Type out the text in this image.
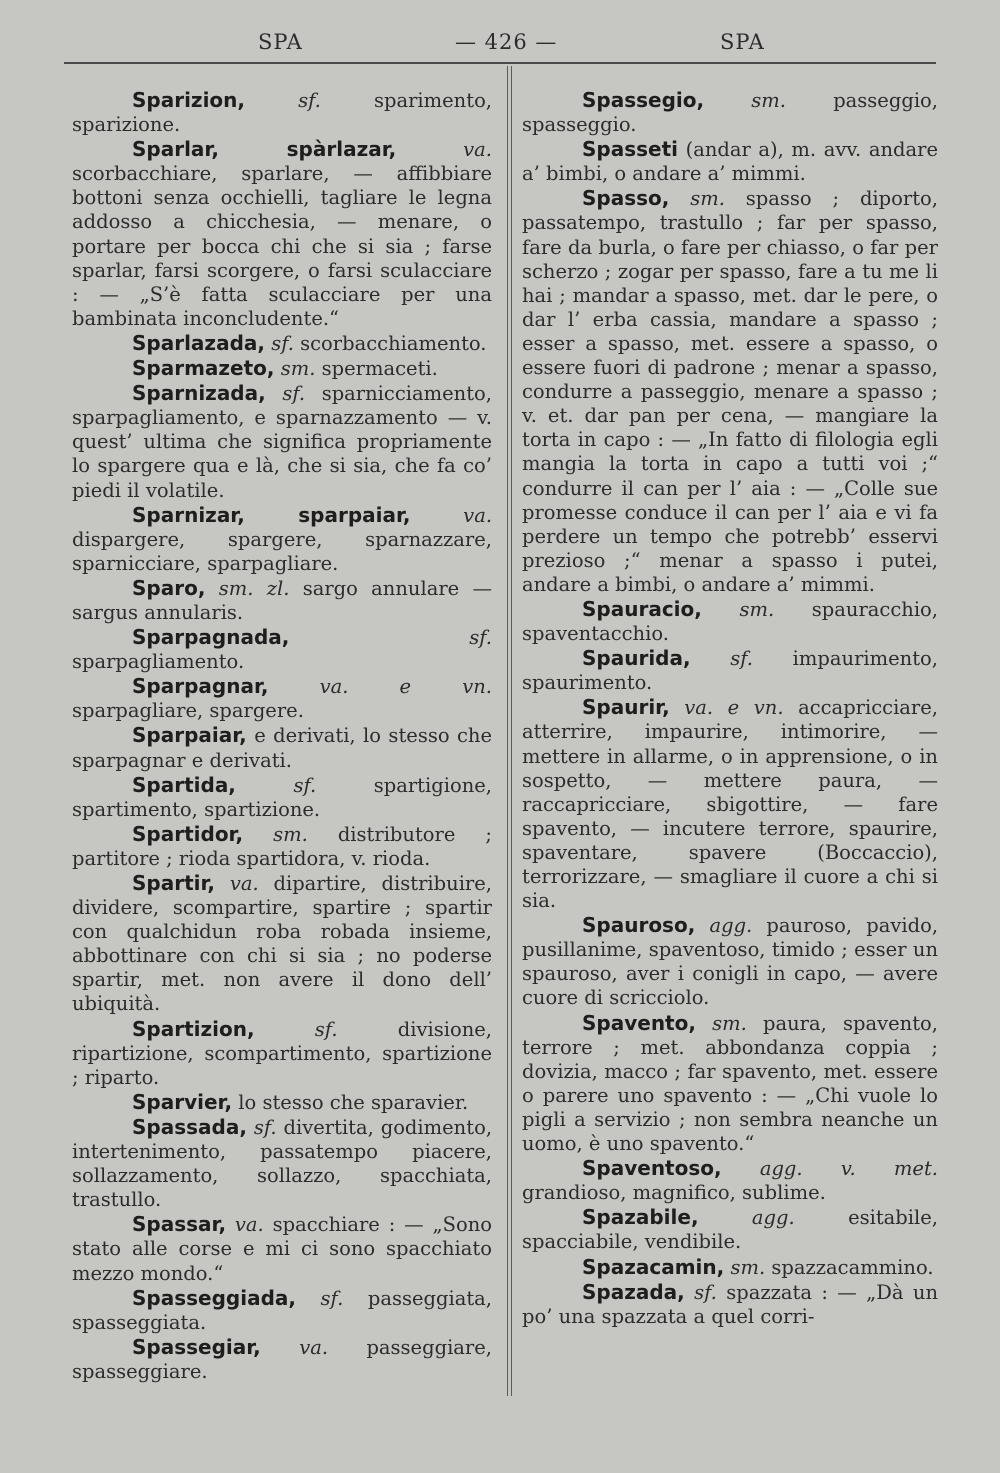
SPA	— 426 —	SPA

Sparizion,	sf.	sparimento, sparizione.

Sparlar, spàrlazar,	va. scorbacchiare, sparlare, — affibbiare bottoni senza occhielli, tagliare le legna addosso a chicchesia, — menare, o portare per bocca chi che si sia ; farse sparlar, farsi scorgere, o farsi sculacciare : — „S’è fatta sculacciare per una bambinata inconcludente.“

Sparlazada, sf. scorbacchiamento.

Sparmazeto, sm. spermaceti.

Sparnizada, sf. sparnicciamento, sparpagliamento, e sparnazzamento — v. quest’ ultima che significa propriamente lo spargere qua e là, che si sia, che fa co’ piedi il volatile.

Sparnizar, sparpaiar,	va. dispargere, spargere, sparnazzare, sparnicciare, sparpagliare.

Sparo, sm. zl. sargo annulare — sargus annularis.

Sparpagnada,	sf. sparpagliamento.

Sparpagnar,	va. e vn. sparpagliare, spargere.

Sparpaiar, e derivati, lo stesso che sparpagnar e derivati.

Spartida,	sf.	spartigione, spartimento, spartizione.

Spartidor, sm. distributore ; partitore ; rioda spartidora, v. rioda.

Spartir, va. dipartire, distribuire, dividere, scompartire, spartire ; spartir con qualchidun roba robada insieme, abbottinare con chi si sia ; no poderse spartir, met. non avere il dono dell’ ubiquità.

Spartizion,	sf.	divisione, ripartizione, scompartimento, spartizione ; riparto.

Sparvier, lo stesso che sparavier.

Spassada, sf. divertita, godimento, intertenimento, passatempo piacere, sollazzamento, sollazzo, spacchiata, trastullo.

Spassar, va. spacchiare : — „Sono stato alle corse e mi ci sono spacchiato mezzo mondo.“

Spasseggiada, sf. passeggiata, spasseggiata.

Spassegiar, va. passeggiare, spasseggiare.

Spassegio, sm. passeggio, spasseggio.

Spasseti (andar a), m. avv. andare a’ bimbi, o andare a’ mimmi.

Spasso, sm. spasso ; diporto, passatempo, trastullo ; far per spasso, fare da burla, o fare per chiasso, o far per scherzo ; zogar per spasso, fare a tu me li hai ; mandar a spasso, met. dar le pere, o dar l’ erba cassia, mandare a spasso ; esser a spasso, met. essere a spasso, o essere fuori di padrone ; menar a spasso, condurre a passeggio, menare a spasso ; v. et. dar pan per cena, — mangiare la torta in capo : — „In fatto di filologia egli mangia la torta in capo a tutti voi ;“ condurre il can per l’ aia : — „Colle sue promesse conduce il can per l’ aia e vi fa perdere un tempo che potrebb’ esservi prezioso ;“ menar a spasso i putei, andare a bimbi, o andare a’ mimmi.

Spauracio, sm. spauracchio, spaventacchio.

Spaurida, sf. impaurimento, spaurimento.

Spaurir, va. e vn. accapricciare, atterrire, impaurire, intimorire, — mettere in allarme, o in apprensione, o in sospetto, — mettere paura, — raccapricciare, sbigottire, — fare spavento, — incutere terrore, spaurire, spaventare, spavere (Boccaccio), terrorizzare, — smagliare il cuore a chi si sia.

Spauroso, agg. pauroso, pavido, pusillanime, spaventoso, timido ; esser un spauroso, aver i conigli in capo, — avere cuore di scricciolo.

Spavento, sm. paura, spavento, terrore ; met. abbondanza coppia ; dovizia, macco ; far spavento, met. essere o parere uno spavento : — „Chi vuole lo pigli a servizio ; non sembra neanche un uomo, è uno spavento.“

Spaventoso, agg. v. met. grandioso, magnifico, sublime.

Spazabile,	agg.	esitabile, spacciabile, vendibile.

Spazacamin, sm. spazzacammino.

Spazada, sf. spazzata : — „Dà un po’ una spazzata a quel corri-
